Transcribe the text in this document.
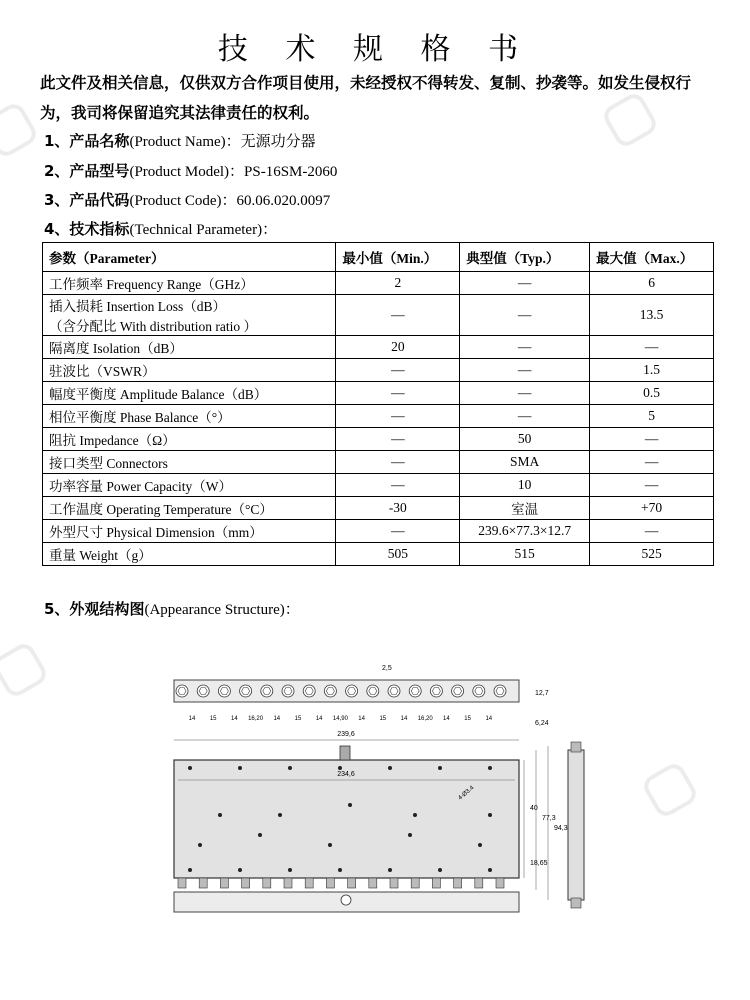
技 术 规 格 书
此文件及相关信息，仅供双方合作项目使用，未经授权不得转发、复制、抄袭等。如发生侵权行为，我司将保留追究其法律责任的权利。
1、产品名称(Product Name)：无源功分器
2、产品型号(Product Model)：PS-16SM-2060
3、产品代码(Product Code)：60.06.020.0097
4、技术指标(Technical Parameter)：
参数（Parameter）	最小值（Min.）	典型值（Typ.）	最大值（Max.）

工作频率 Frequency Range（GHz）	2	—	6

插入损耗 Insertion Loss（dB）
（含分配比 With distribution ratio ）	—	—	13.5

隔离度 Isolation（dB）	20	—	—

驻波比（VSWR）	—	—	1.5

幅度平衡度 Amplitude Balance（dB）	—	—	0.5

相位平衡度 Phase Balance（°）	—	—	5

阻抗 Impedance（Ω）	—	50	—

接口类型 Connectors	—	SMA	—

功率容量 Power Capacity（W）	—	10	—

工作温度 Operating Temperature（°C）	-30	室温	+70

外型尺寸 Physical Dimension（mm）	—	239.6×77.3×12.7	—

重量 Weight（g）	505	515	525
5、外观结构图(Appearance Structure)：
14 15 14 16,20 14 15 14 14,90 14 15 14 16,20 14 15 14
239,6
12,7
6,24
2,5
234,6
4-Ø3.4
40
77,3
94,3
18,65
